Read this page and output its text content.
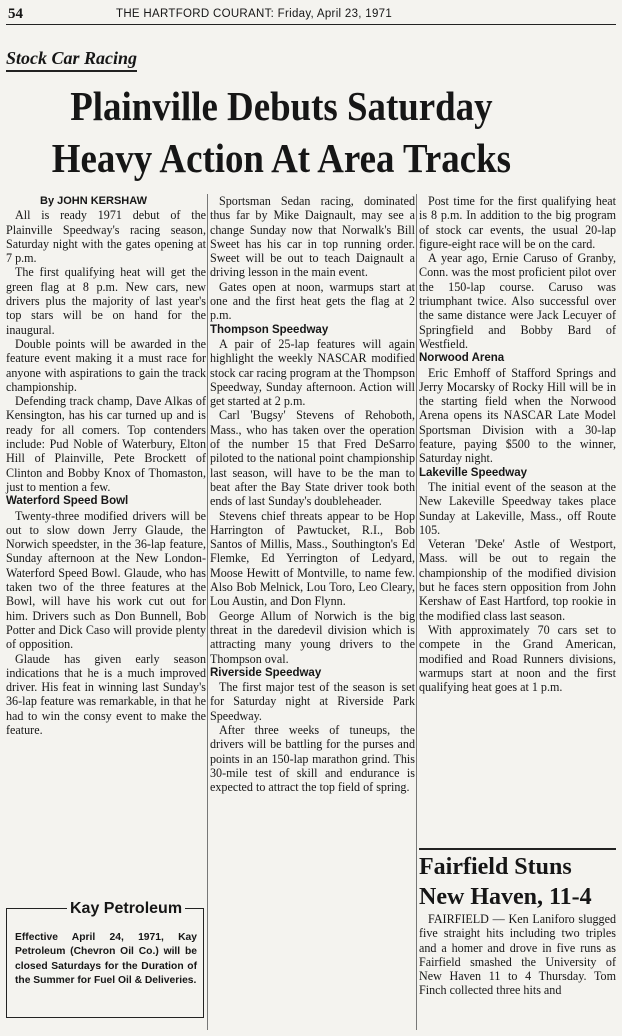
54	THE HARTFORD COURANT: Friday, April 23, 1971
Stock Car Racing
Plainville Debuts Saturday
Heavy Action At Area Tracks

By JOHN KERSHAW

All is ready 1971 debut of the Plainville Speedway's racing season, Saturday night with the gates opening at 7 p.m.

The first qualifying heat will get the green flag at 8 p.m. New cars, new drivers plus the majority of last year's top stars will be on hand for the inaugural.

Double points will be awarded in the feature event making it a must race for anyone with aspirations to gain the track championship.

Defending track champ, Dave Alkas of Kensington, has his car turned up and is ready for all comers. Top contenders include: Pud Noble of Waterbury, Elton Hill of Plainville, Pete Brockett of Clinton and Bobby Knox of Thomaston, just to mention a few.

Waterford Speed Bowl

Twenty-three modified drivers will be out to slow down Jerry Glaude, the Norwich speedster, in the 36-lap feature, Sunday afternoon at the New London-Waterford Speed Bowl. Glaude, who has taken two of the three features at the Bowl, will have his work cut out for him. Drivers such as Don Bunnell, Bob Potter and Dick Caso will provide plenty of opposition.

Glaude has given early season indications that he is a much improved driver. His feat in winning last Sunday's 36-lap feature was remarkable, in that he had to win the consy event to make the feature.

Kay Petroleum
Effective April 24, 1971, Kay Petroleum (Chevron Oil Co.) will be closed Saturdays for the Duration of the Summer for Fuel Oil & Deliveries.

Sportsman Sedan racing, dominated thus far by Mike Daignault, may see a change Sunday now that Norwalk's Bill Sweet has his car in top running order. Sweet will be out to teach Daignault a driving lesson in the main event.

Gates open at noon, warmups start at one and the first heat gets the flag at 2 p.m.

Thompson Speedway

A pair of 25-lap features will again highlight the weekly NASCAR modified stock car racing program at the Thompson Speedway, Sunday afternoon. Action will get started at 2 p.m.

Carl 'Bugsy' Stevens of Rehoboth, Mass., who has taken over the operation of the number 15 that Fred DeSarro piloted to the national point championship last season, will have to be the man to beat after the Bay State driver took both ends of last Sunday's doubleheader.

Stevens chief threats appear to be Hop Harrington of Pawtucket, R.I., Bob Santos of Millis, Mass., Southington's Ed Flemke, Ed Yerrington of Ledyard, Moose Hewitt of Montville, to name few. Also Bob Melnick, Lou Toro, Leo Cleary, Lou Austin, and Don Flynn.

George Allum of Norwich is the big threat in the daredevil division which is attracting many young drivers to the Thompson oval.

Riverside Speedway

The first major test of the season is set for Saturday night at Riverside Park Speedway.

After three weeks of tuneups, the drivers will be battling for the purses and points in an 150-lap marathon grind. This 30-mile test of skill and endurance is expected to attract the top field of spring.

Post time for the first qualifying heat is 8 p.m. In addition to the big program of stock car events, the usual 20-lap figure-eight race will be on the card.

A year ago, Ernie Caruso of Granby, Conn. was the most proficient pilot over the 150-lap course. Caruso was triumphant twice. Also successful over the same distance were Jack Lecuyer of Springfield and Bobby Bard of Westfield.

Norwood Arena

Eric Emhoff of Stafford Springs and Jerry Mocarsky of Rocky Hill will be in the starting field when the Norwood Arena opens its NASCAR Late Model Sportsman Division with a 30-lap feature, paying $500 to the winner, Saturday night.

Lakeville Speedway

The initial event of the season at the New Lakeville Speedway takes place Sunday at Lakeville, Mass., off Route 105.

Veteran 'Deke' Astle of Westport, Mass. will be out to regain the championship of the modified division but he faces stern opposition from John Kershaw of East Hartford, top rookie in the modified class last season.

With approximately 70 cars set to compete in the Grand American, modified and Road Runners divisions, warmups start at noon and the first qualifying heat goes at 1 p.m.

Fairfield Stuns New Haven, 11-4

FAIRFIELD — Ken Laniforo slugged five straight hits including two triples and a homer and drove in five runs as Fairfield smashed the University of New Haven 11 to 4 Thursday. Tom Finch collected three hits and
